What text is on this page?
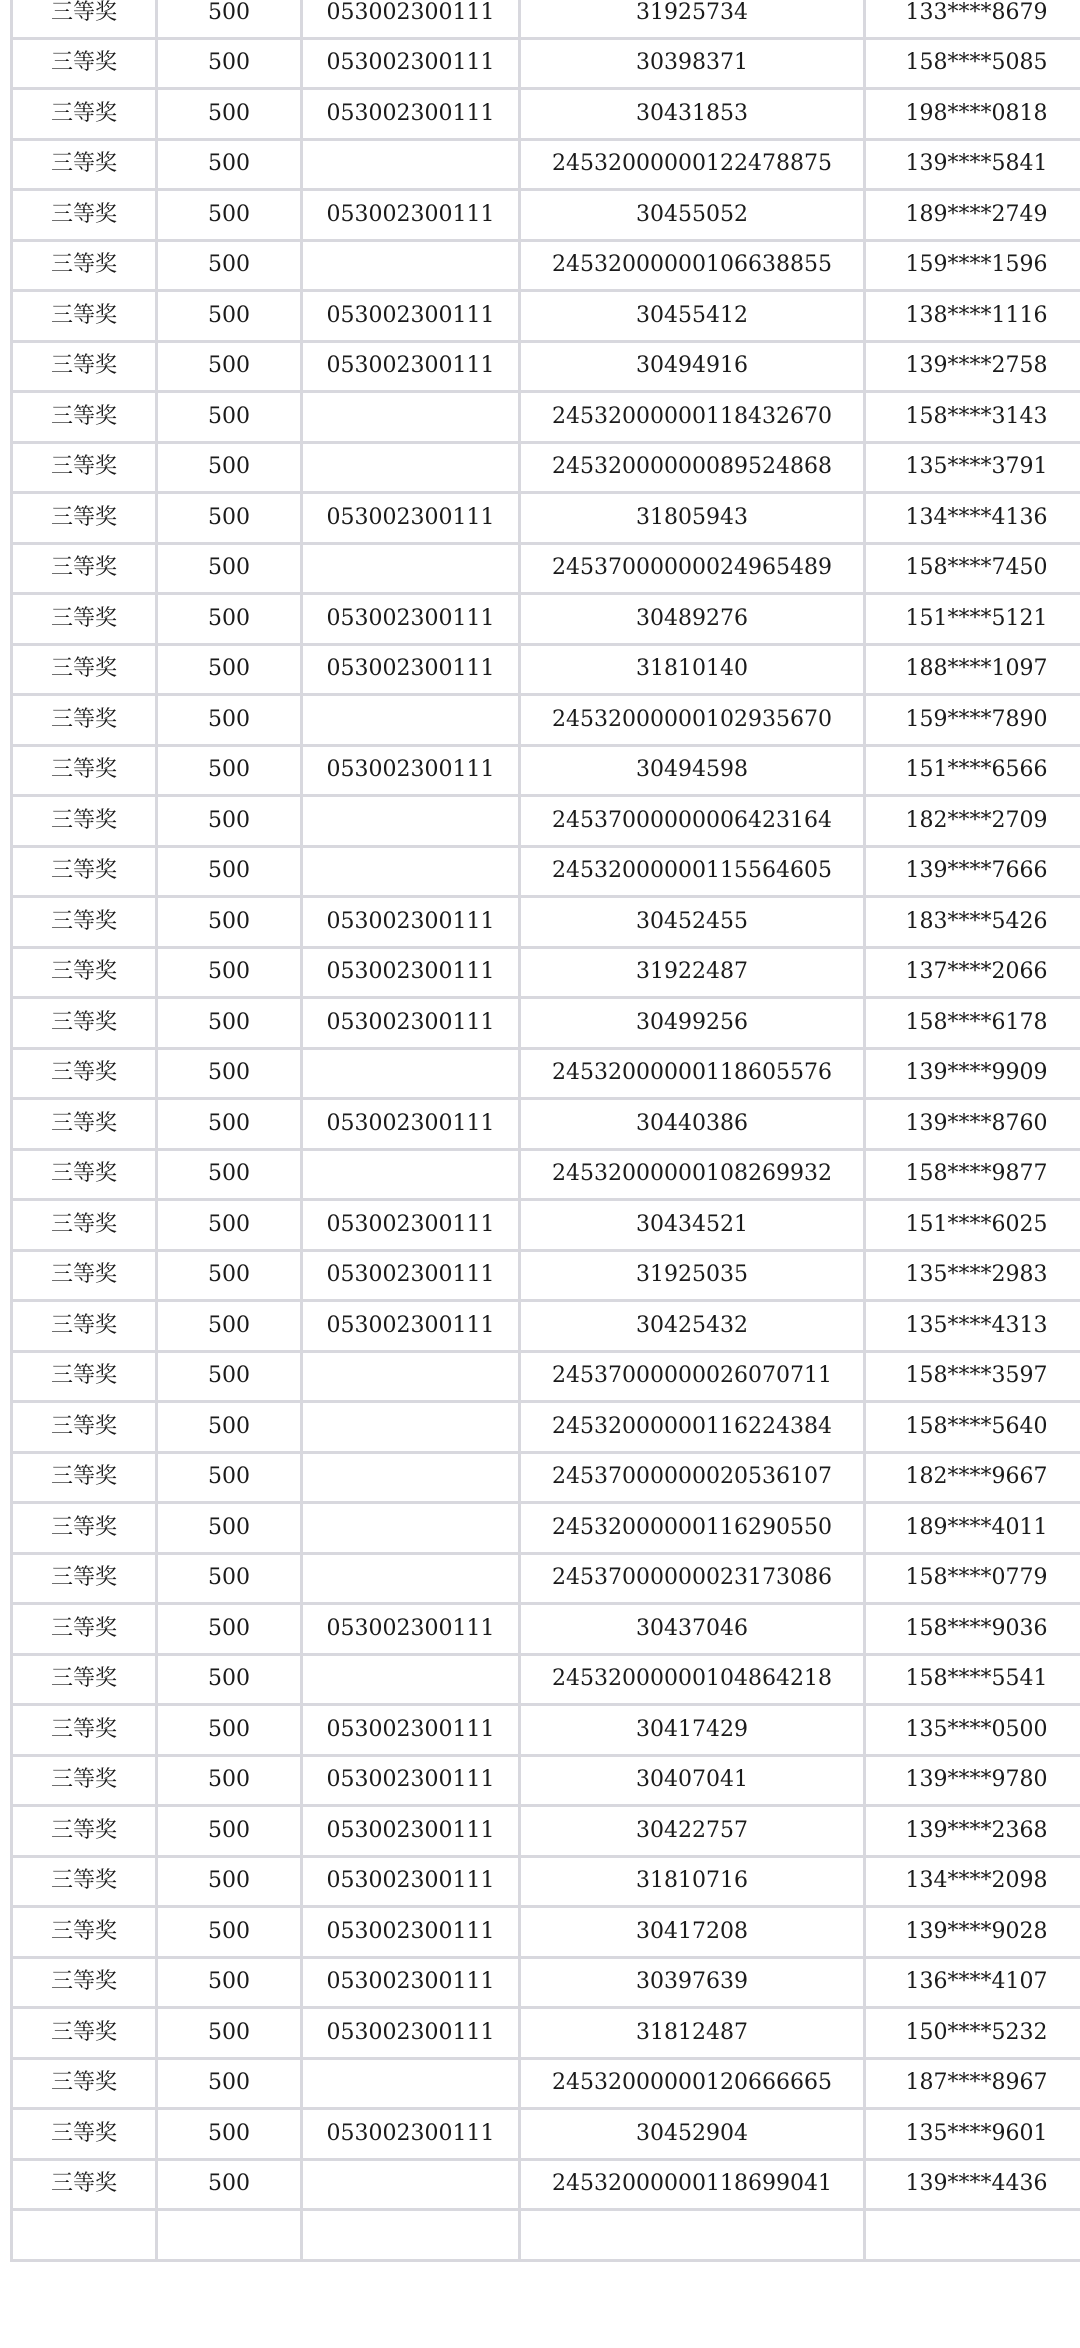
三等奖	500	053002300111	31925734	133****8679
三等奖	500	053002300111	30398371	158****5085
三等奖	500	053002300111	30431853	198****0818
三等奖	500		24532000000122478875	139****5841
三等奖	500	053002300111	30455052	189****2749
三等奖	500		24532000000106638855	159****1596
三等奖	500	053002300111	30455412	138****1116
三等奖	500	053002300111	30494916	139****2758
三等奖	500		24532000000118432670	158****3143
三等奖	500		24532000000089524868	135****3791
三等奖	500	053002300111	31805943	134****4136
三等奖	500		24537000000024965489	158****7450
三等奖	500	053002300111	30489276	151****5121
三等奖	500	053002300111	31810140	188****1097
三等奖	500		24532000000102935670	159****7890
三等奖	500	053002300111	30494598	151****6566
三等奖	500		24537000000006423164	182****2709
三等奖	500		24532000000115564605	139****7666
三等奖	500	053002300111	30452455	183****5426
三等奖	500	053002300111	31922487	137****2066
三等奖	500	053002300111	30499256	158****6178
三等奖	500		24532000000118605576	139****9909
三等奖	500	053002300111	30440386	139****8760
三等奖	500		24532000000108269932	158****9877
三等奖	500	053002300111	30434521	151****6025
三等奖	500	053002300111	31925035	135****2983
三等奖	500	053002300111	30425432	135****4313
三等奖	500		24537000000026070711	158****3597
三等奖	500		24532000000116224384	158****5640
三等奖	500		24537000000020536107	182****9667
三等奖	500		24532000000116290550	189****4011
三等奖	500		24537000000023173086	158****0779
三等奖	500	053002300111	30437046	158****9036
三等奖	500		24532000000104864218	158****5541
三等奖	500	053002300111	30417429	135****0500
三等奖	500	053002300111	30407041	139****9780
三等奖	500	053002300111	30422757	139****2368
三等奖	500	053002300111	31810716	134****2098
三等奖	500	053002300111	30417208	139****9028
三等奖	500	053002300111	30397639	136****4107
三等奖	500	053002300111	31812487	150****5232
三等奖	500		24532000000120666665	187****8967
三等奖	500	053002300111	30452904	135****9601
三等奖	500		24532000000118699041	139****4436
